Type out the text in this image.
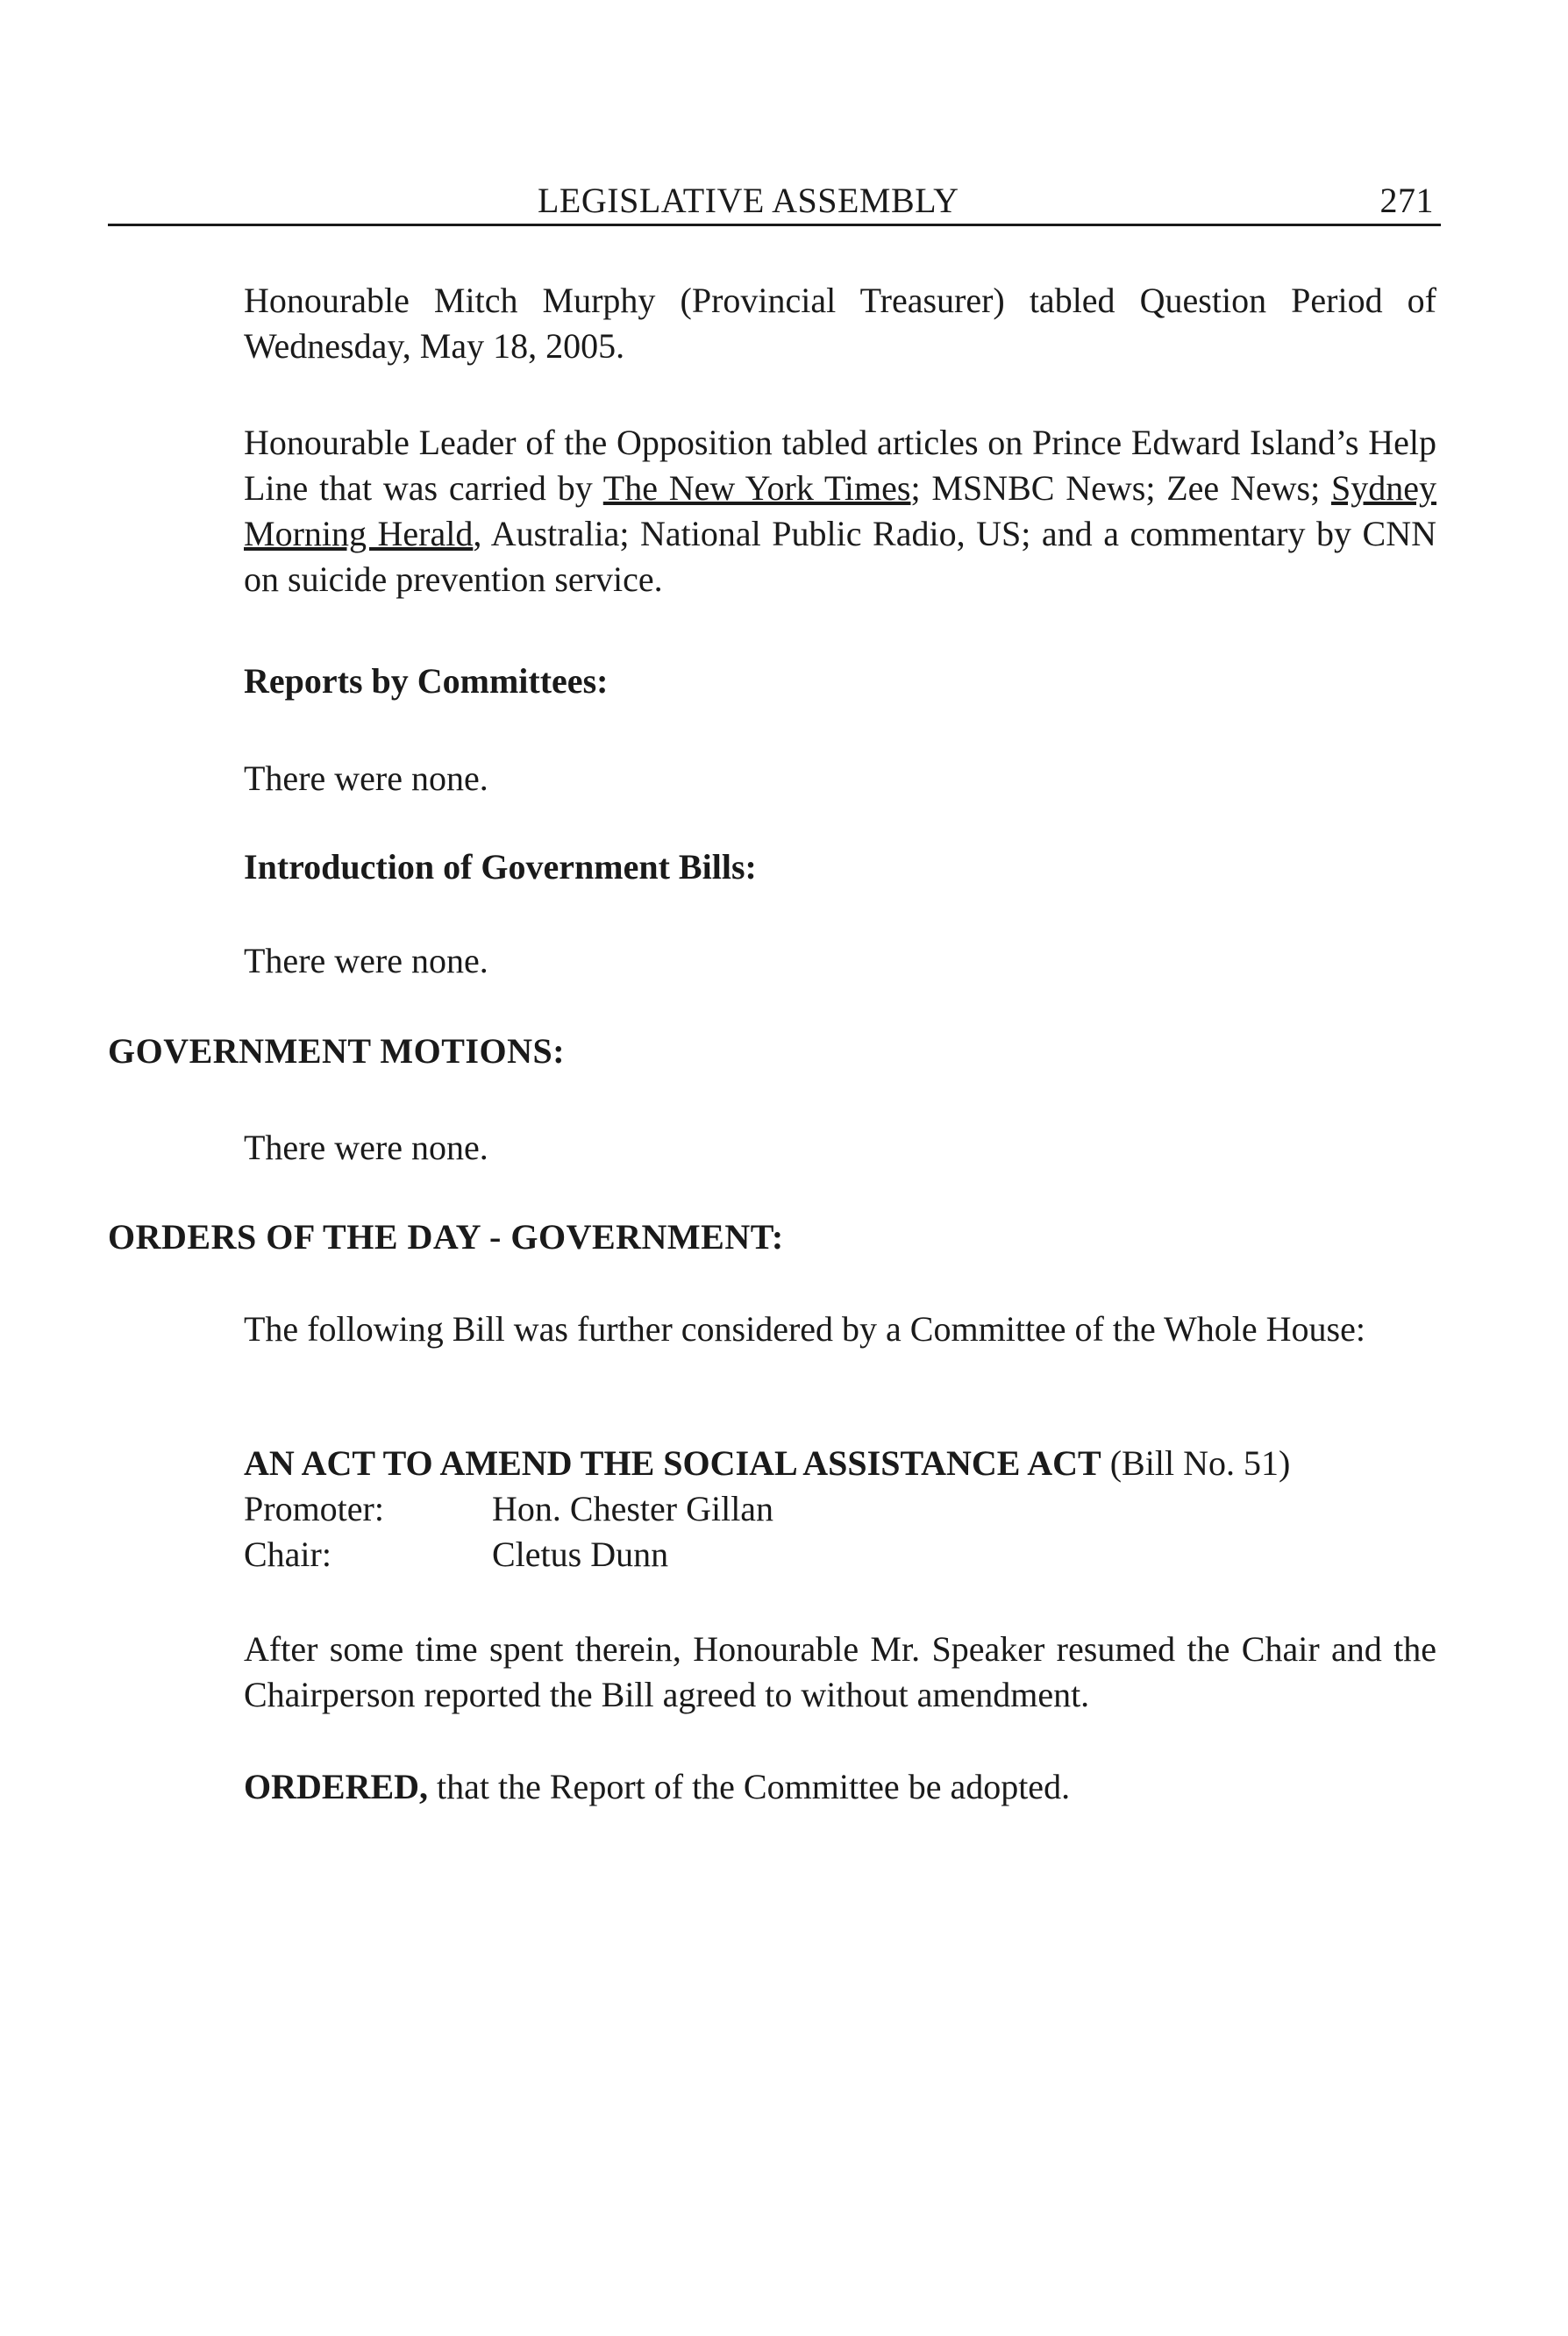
LEGISLATIVE ASSEMBLY	271

Honourable Mitch Murphy (Provincial Treasurer) tabled Question Period of Wednesday, May 18, 2005.

Honourable Leader of the Opposition tabled articles on Prince Edward Island’s Help Line that was carried by The New York Times; MSNBC News; Zee News; Sydney Morning Herald, Australia; National Public Radio, US; and a commentary by CNN on suicide prevention service.

Reports by Committees:

There were none.

Introduction of Government Bills:

There were none.

GOVERNMENT MOTIONS:

There were none.

ORDERS OF THE DAY - GOVERNMENT:

The following Bill was further considered by a Committee of the Whole House:

AN ACT TO AMEND THE SOCIAL ASSISTANCE ACT (Bill No. 51)
Promoter:	Hon. Chester Gillan
Chair:	Cletus Dunn

After some time spent therein, Honourable Mr. Speaker resumed the Chair and the Chairperson reported the Bill agreed to without amendment.

ORDERED, that the Report of the Committee be adopted.
